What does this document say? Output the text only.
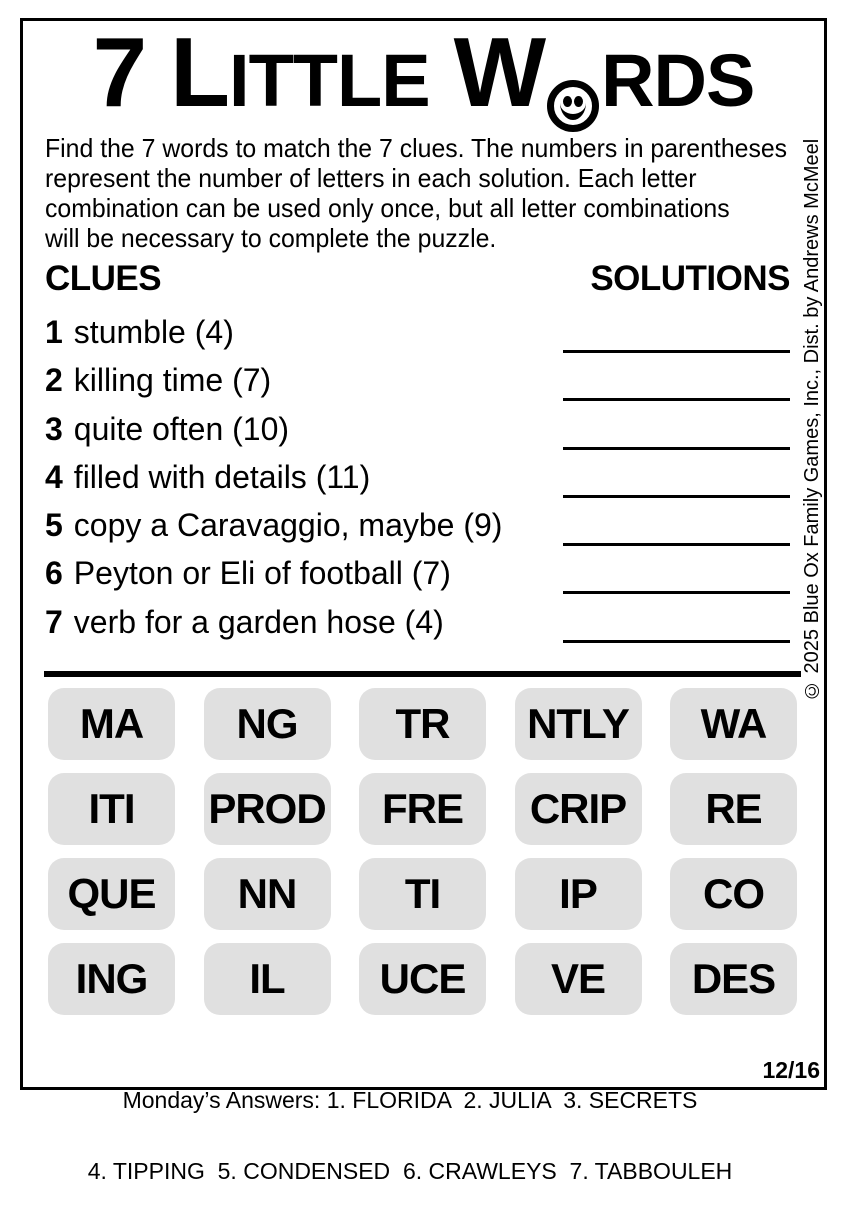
7 L ITTLE W RDS
Find the 7 words to match the 7 clues. The numbers in parentheses
represent the number of letters in each solution. Each letter
combination can be used only once, but all letter combinations
will be necessary to complete the puzzle.
CLUES	SOLUTIONS
1 stumble (4)
2 killing time (7)
3 quite often (10)
4 filled with details (11)
5 copy a Caravaggio, maybe (9)
6 Peyton or Eli of football (7)
7 verb for a garden hose (4)
MA	NG	TR	NTLY	WA
ITI	PROD	FRE	CRIP	RE
QUE	NN	TI	IP	CO
ING	IL	UCE	VE	DES

Monday’s Answers: 1. FLORIDA  2. JULIA  3. SECRETS

4. TIPPING  5. CONDENSED  6. CRAWLEYS  7. TABBOULEH

12/16
© 2025 Blue Ox Family Games, Inc., Dist. by Andrews McMeel
